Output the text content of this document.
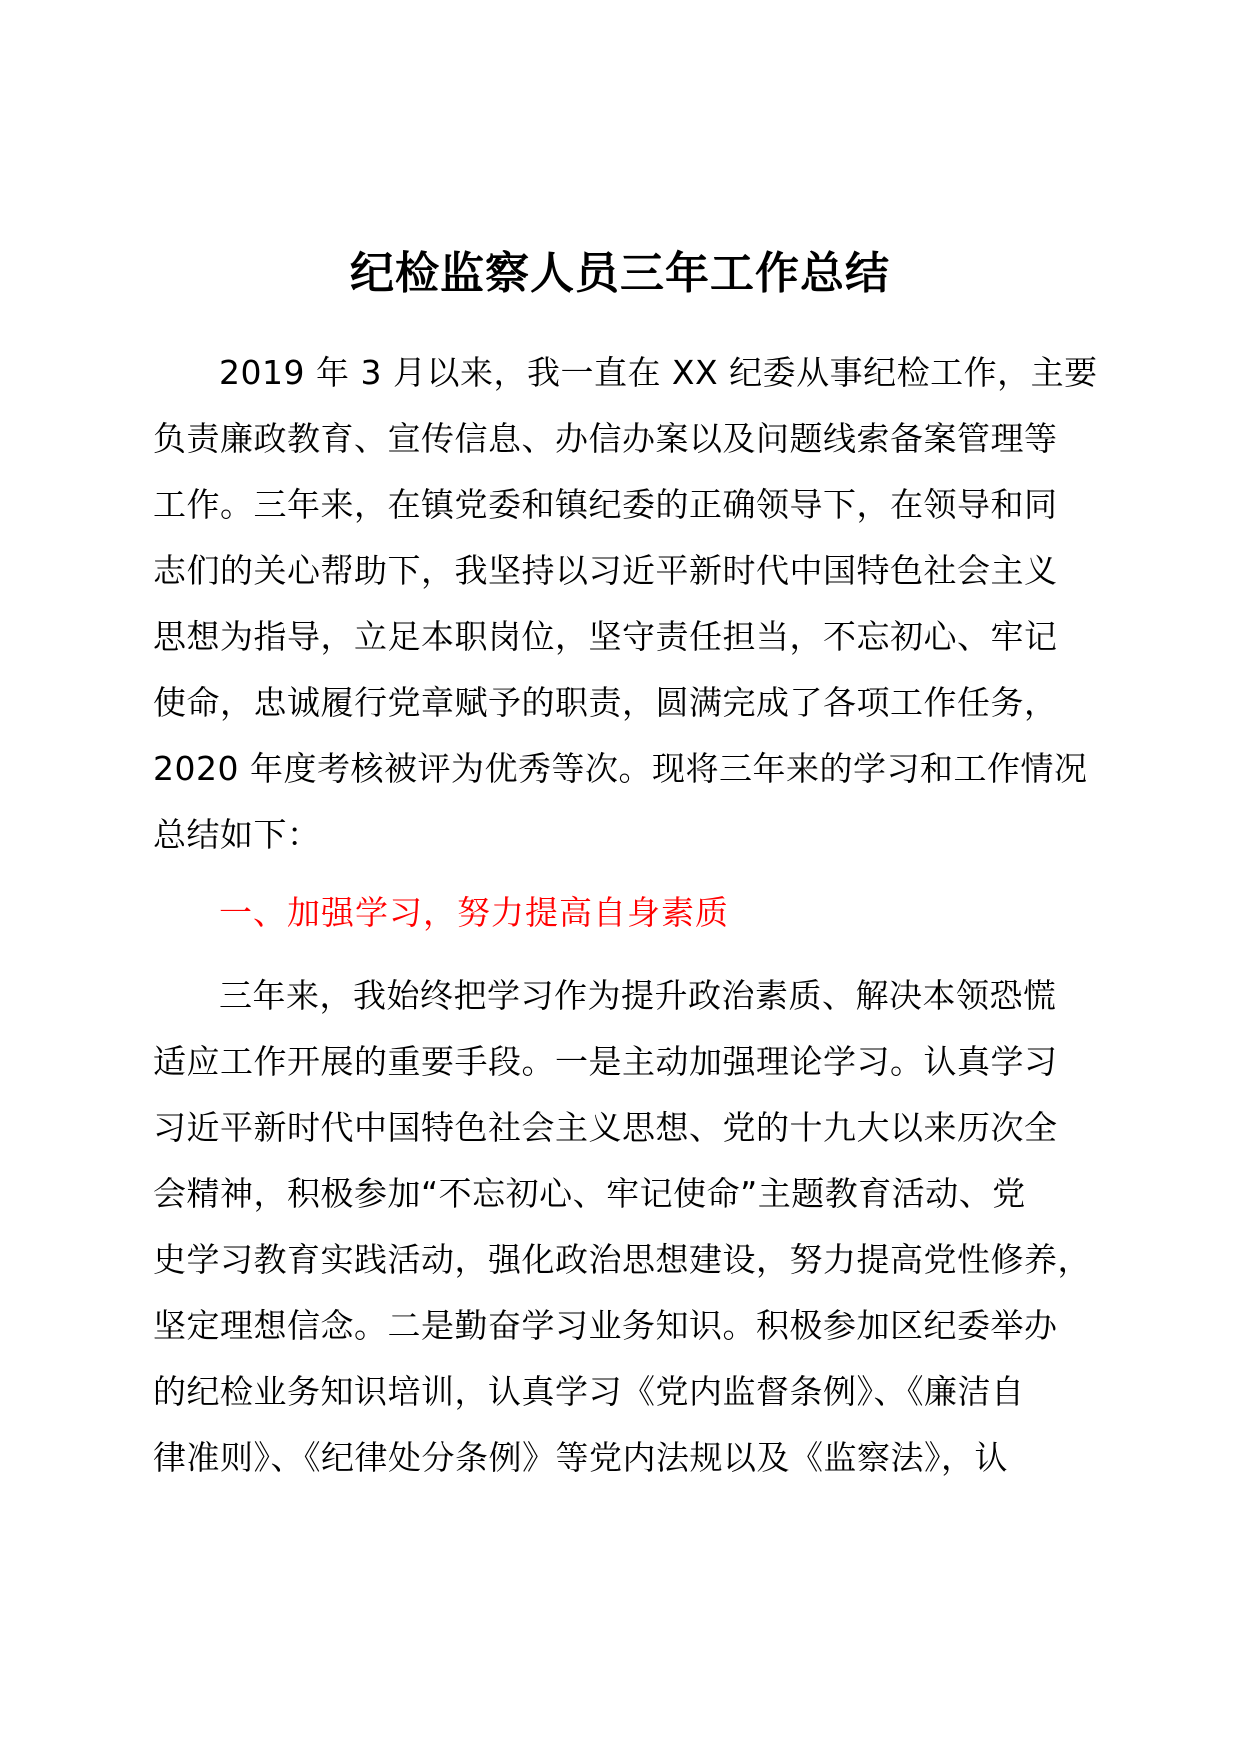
纪检监察人员三年工作总结
2019 年 3 月以来，我一直在 XX 纪委从事纪检工作，主要
负责廉政教育、宣传信息、办信办案以及问题线索备案管理等
工作。三年来，在镇党委和镇纪委的正确领导下，在领导和同
志们的关心帮助下，我坚持以习近平新时代中国特色社会主义
思想为指导，立足本职岗位，坚守责任担当，不忘初心、牢记
使命，忠诚履行党章赋予的职责，圆满完成了各项工作任务，
2020 年度考核被评为优秀等次。现将三年来的学习和工作情况
总结如下：
一、加强学习，努力提高自身素质
三年来，我始终把学习作为提升政治素质、解决本领恐慌
适应工作开展的重要手段。一是主动加强理论学习。认真学习
习近平新时代中国特色社会主义思想、党的十九大以来历次全
会精神，积极参加“不忘初心、牢记使命”主题教育活动、党
史学习教育实践活动，强化政治思想建设，努力提高党性修养，
坚定理想信念。二是勤奋学习业务知识。积极参加区纪委举办
的纪检业务知识培训，认真学习《党内监督条例》、《廉洁自
律准则》、《纪律处分条例》等党内法规以及《监察法》，认
